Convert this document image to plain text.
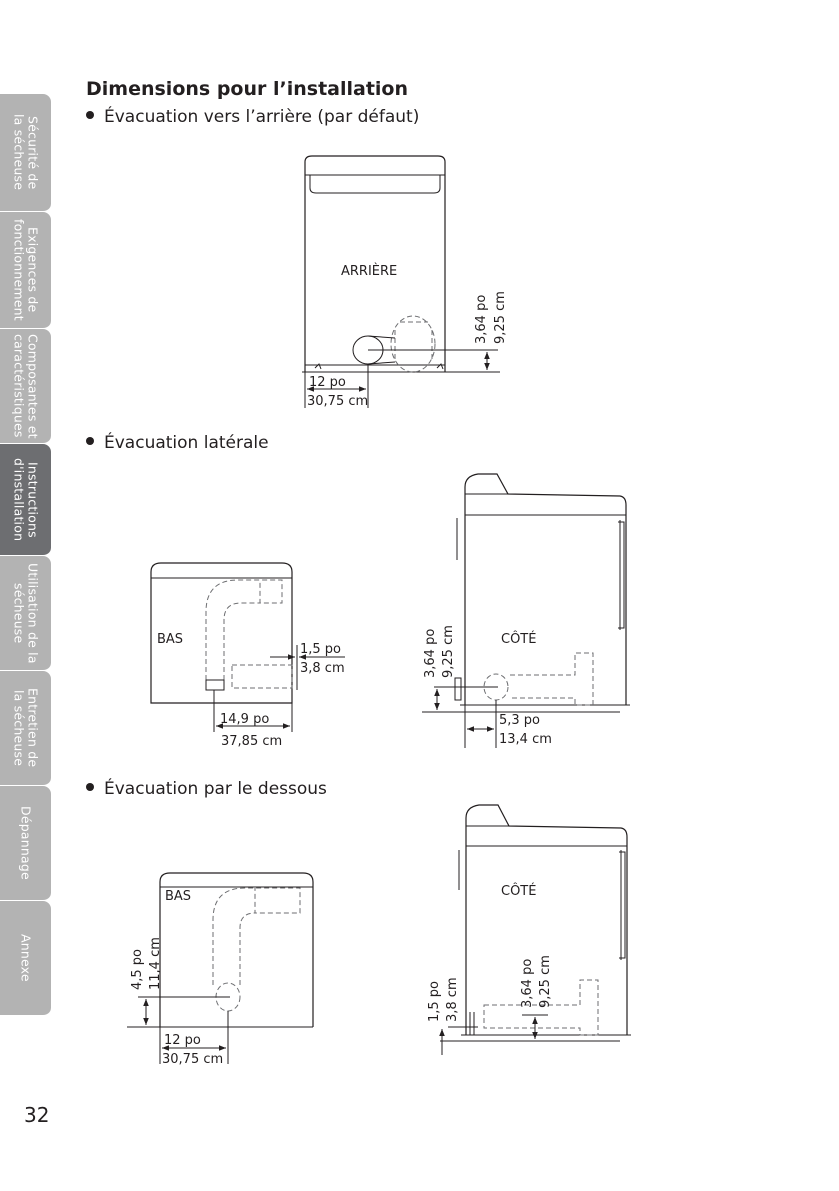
Sécurité de
la sécheuse
Exigences de
fonctionnement
Composantes et
caractéristiques
Instructions
d'installation
Utilisation de la
sécheuse
Entretien de
la sécheuse
Dépannage
Annexe
Dimensions pour l’installation
Évacuation vers l’arrière (par défaut)
Évacuation latérale
Évacuation par le dessous
3,64 po 9,25 cm
12 po
30,75 cm
ARRIÈRE
14,9 po
37,85 cm
1,5 po
3,8 cm
BAS	3,64 po 9,25 cm
5,3 po
13,4 cm
CÔTÉ
4,5 po 11,4 cm
12 po
30,75 cm
BAS
1,5 po 3,8 cm	3,64 po 9,25 cm
CÔTÉ
32
